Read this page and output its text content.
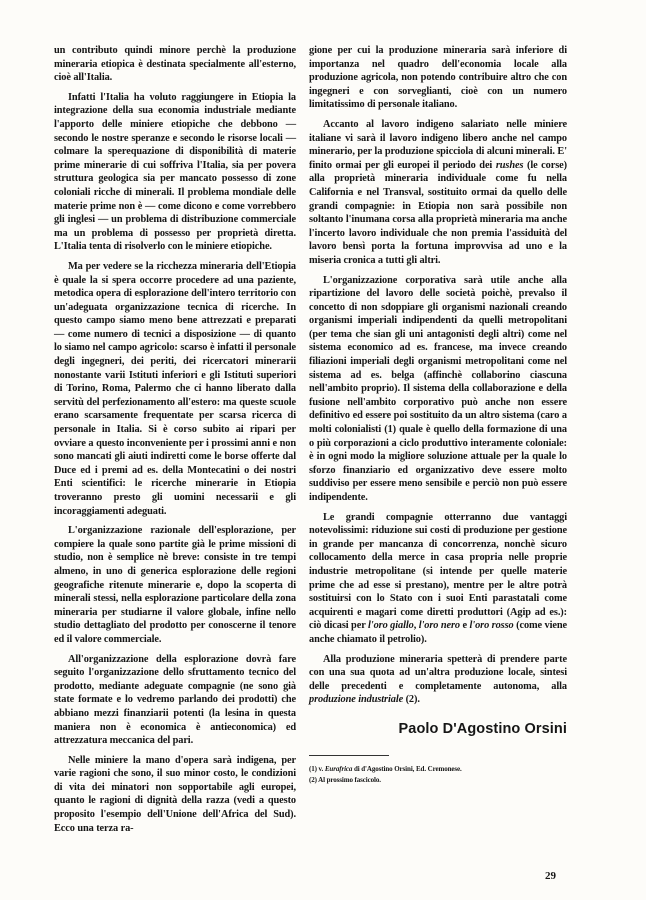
un contributo quindi minore perchè la produzione mineraria etiopica è destinata specialmente all'esterno, cioè all'Italia.

Infatti l'Italia ha voluto raggiungere in Etiopia la integrazione della sua economia industriale mediante l'apporto delle miniere etiopiche che debbono — secondo le nostre speranze e secondo le risorse locali — colmare la sperequazione di disponibilità di materie prime minerarie di cui soffriva l'Italia, sia per povera struttura geologica sia per mancato possesso di zone coloniali ricche di minerali. Il problema mondiale delle materie prime non è — come dicono e come vorrebbero gli inglesi — un problema di distribuzione commerciale ma un problema di possesso per proprietà diretta. L'Italia tenta di risolverlo con le miniere etiopiche.

Ma per vedere se la ricchezza mineraria dell'Etiopia è quale la si spera occorre procedere ad una paziente, metodica opera di esplorazione dell'intero territorio con un'adeguata organizzazione tecnica di ricerche. In questo campo siamo meno bene attrezzati e preparati — come numero di tecnici a disposizione — di quanto lo siamo nel campo agricolo: scarso è infatti il personale degli ingegneri, dei periti, dei ricercatori minerarii nonostante varii Istituti inferiori e gli Istituti superiori di Torino, Roma, Palermo che ci hanno liberato dalla servitù del perfezionamento all'estero: ma queste scuole erano scarsamente frequentate per scarsa ricerca di personale in Italia. Si è corso subito ai ripari per ovviare a questo inconveniente per i prossimi anni e non sono mancati gli aiuti indiretti come le borse offerte dal Duce ed i premi ad es. della Montecatini o dei nostri Enti scientifici: le ricerche minerarie in Etiopia troveranno presto gli uomini necessarii e gli incoraggiamenti adeguati.

L'organizzazione razionale dell'esplorazione, per compiere la quale sono partite già le prime missioni di studio, non è semplice nè breve: consiste in tre tempi almeno, in uno di generica esplorazione delle regioni geografiche ritenute minerarie e, dopo la scoperta di minerali stessi, nella esplorazione particolare della zona mineraria per studiarne il valore globale, infine nello studio dettagliato del prodotto per conoscerne il tenore ed il valore commerciale.

All'organizzazione della esplorazione dovrà fare seguito l'organizzazione dello sfruttamento tecnico del prodotto, mediante adeguate compagnie (ne sono già state formate e lo vedremo parlando dei prodotti) che abbiano mezzi finanziarii potenti (la lesina in questa maniera non è economica è antieconomica) ed attrezzatura meccanica del pari.

Nelle miniere la mano d'opera sarà indigena, per varie ragioni che sono, il suo minor costo, le condizioni di vita dei minatori non sopportabile agli europei, quanto le ragioni di dignità della razza (vedi a questo proposito l'esempio dell'Unione dell'Africa del Sud). Ecco una terza ra-

gione per cui la produzione mineraria sarà inferiore di importanza nel quadro dell'economia locale alla produzione agricola, non potendo contribuire altro che con ingegneri e con sorveglianti, cioè con un numero limitatissimo di personale italiano.

Accanto al lavoro indigeno salariato nelle miniere italiane vi sarà il lavoro indigeno libero anche nel campo minerario, per la produzione spicciola di alcuni minerali. E' finito ormai per gli europei il periodo dei rushes (le corse) alla proprietà mineraria individuale come fu nella California e nel Transval, sostituito ormai da quello delle grandi compagnie: in Etiopia non sarà possibile non soltanto l'inumana corsa alla proprietà mineraria ma anche l'incerto lavoro individuale che non premia l'assiduità del lavoro bensì porta la fortuna improvvisa ad uno e la miseria cronica a tutti gli altri.

L'organizzazione corporativa sarà utile anche alla ripartizione del lavoro delle società poichè, prevalso il concetto di non sdoppiare gli organismi nazionali creando organismi imperiali indipendenti da quelli metropolitani (per tema che sian gli uni antagonisti degli altri) come nel sistema economico ad es. francese, ma invece creando filiazioni imperiali degli organismi metropolitani come nel sistema ad es. belga (affinchè collaborino ciascuna nell'ambito proprio). Il sistema della collaborazione e della fusione nell'ambito corporativo può anche non essere definitivo ed essere poi sostituito da un altro sistema (caro a molti colonialisti (1) quale è quello della formazione di una o più corporazioni a ciclo produttivo interamente coloniale: è in ogni modo la migliore soluzione attuale per la quale lo sforzo finanziario ed organizzativo deve essere molto suddiviso per essere meno sensibile e perciò non può essere indipendente.

Le grandi compagnie otterranno due vantaggi notevolissimi: riduzione sui costi di produzione per gestione in grande per mancanza di concorrenza, nonchè sicuro collocamento della merce in casa propria nelle proprie industrie metropolitane (si intende per quelle materie prime che ad esse si prestano), mentre per le altre potrà sostituirsi con lo Stato con i suoi Enti parastatali come acquirenti e magari come diretti produttori (Agip ad es.): ciò dicasi per l'oro giallo, l'oro nero e l'oro rosso (come viene anche chiamato il petrolio).

Alla produzione mineraria spetterà di prendere parte con una sua quota ad un'altra produzione locale, sintesi delle precedenti e completamente autonoma, alla produzione industriale (2).

Paolo D'Agostino Orsini

(1) v. Eurafrica di d'Agostino Orsini, Ed. Cremonese.

(2) Al prossimo fascicolo.

29
